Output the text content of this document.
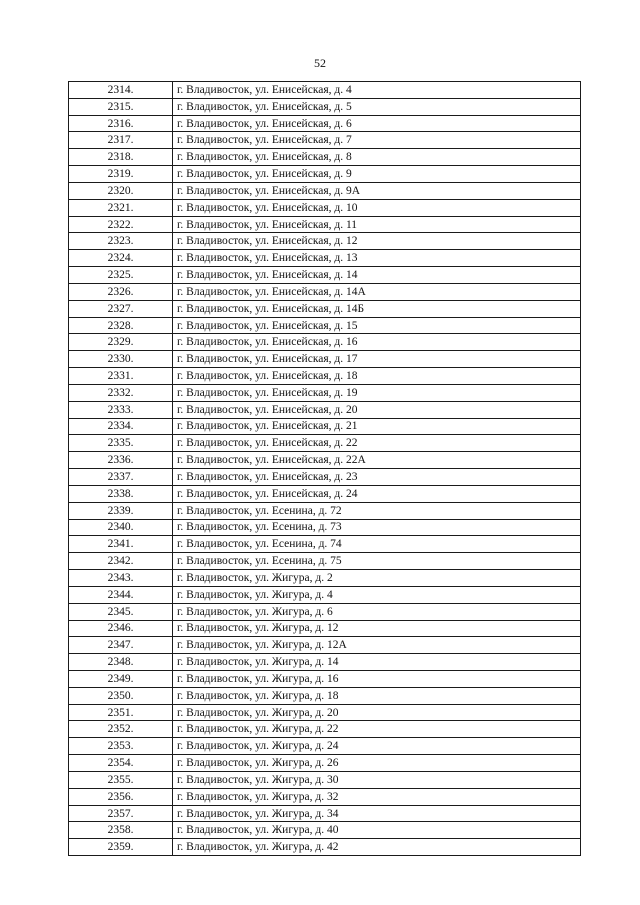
52
2314.	г. Владивосток, ул. Енисейская, д. 4
2315.	г. Владивосток, ул. Енисейская, д. 5
2316.	г. Владивосток, ул. Енисейская, д. 6
2317.	г. Владивосток, ул. Енисейская, д. 7
2318.	г. Владивосток, ул. Енисейская, д. 8
2319.	г. Владивосток, ул. Енисейская, д. 9
2320.	г. Владивосток, ул. Енисейская, д. 9А
2321.	г. Владивосток, ул. Енисейская, д. 10
2322.	г. Владивосток, ул. Енисейская, д. 11
2323.	г. Владивосток, ул. Енисейская, д. 12
2324.	г. Владивосток, ул. Енисейская, д. 13
2325.	г. Владивосток, ул. Енисейская, д. 14
2326.	г. Владивосток, ул. Енисейская, д. 14А
2327.	г. Владивосток, ул. Енисейская, д. 14Б
2328.	г. Владивосток, ул. Енисейская, д. 15
2329.	г. Владивосток, ул. Енисейская, д. 16
2330.	г. Владивосток, ул. Енисейская, д. 17
2331.	г. Владивосток, ул. Енисейская, д. 18
2332.	г. Владивосток, ул. Енисейская, д. 19
2333.	г. Владивосток, ул. Енисейская, д. 20
2334.	г. Владивосток, ул. Енисейская, д. 21
2335.	г. Владивосток, ул. Енисейская, д. 22
2336.	г. Владивосток, ул. Енисейская, д. 22А
2337.	г. Владивосток, ул. Енисейская, д. 23
2338.	г. Владивосток, ул. Енисейская, д. 24
2339.	г. Владивосток, ул. Есенина, д. 72
2340.	г. Владивосток, ул. Есенина, д. 73
2341.	г. Владивосток, ул. Есенина, д. 74
2342.	г. Владивосток, ул. Есенина, д. 75
2343.	г. Владивосток, ул. Жигура, д. 2
2344.	г. Владивосток, ул. Жигура, д. 4
2345.	г. Владивосток, ул. Жигура, д. 6
2346.	г. Владивосток, ул. Жигура, д. 12
2347.	г. Владивосток, ул. Жигура, д. 12А
2348.	г. Владивосток, ул. Жигура, д. 14
2349.	г. Владивосток, ул. Жигура, д. 16
2350.	г. Владивосток, ул. Жигура, д. 18
2351.	г. Владивосток, ул. Жигура, д. 20
2352.	г. Владивосток, ул. Жигура, д. 22
2353.	г. Владивосток, ул. Жигура, д. 24
2354.	г. Владивосток, ул. Жигура, д. 26
2355.	г. Владивосток, ул. Жигура, д. 30
2356.	г. Владивосток, ул. Жигура, д. 32
2357.	г. Владивосток, ул. Жигура, д. 34
2358.	г. Владивосток, ул. Жигура, д. 40
2359.	г. Владивосток, ул. Жигура, д. 42
